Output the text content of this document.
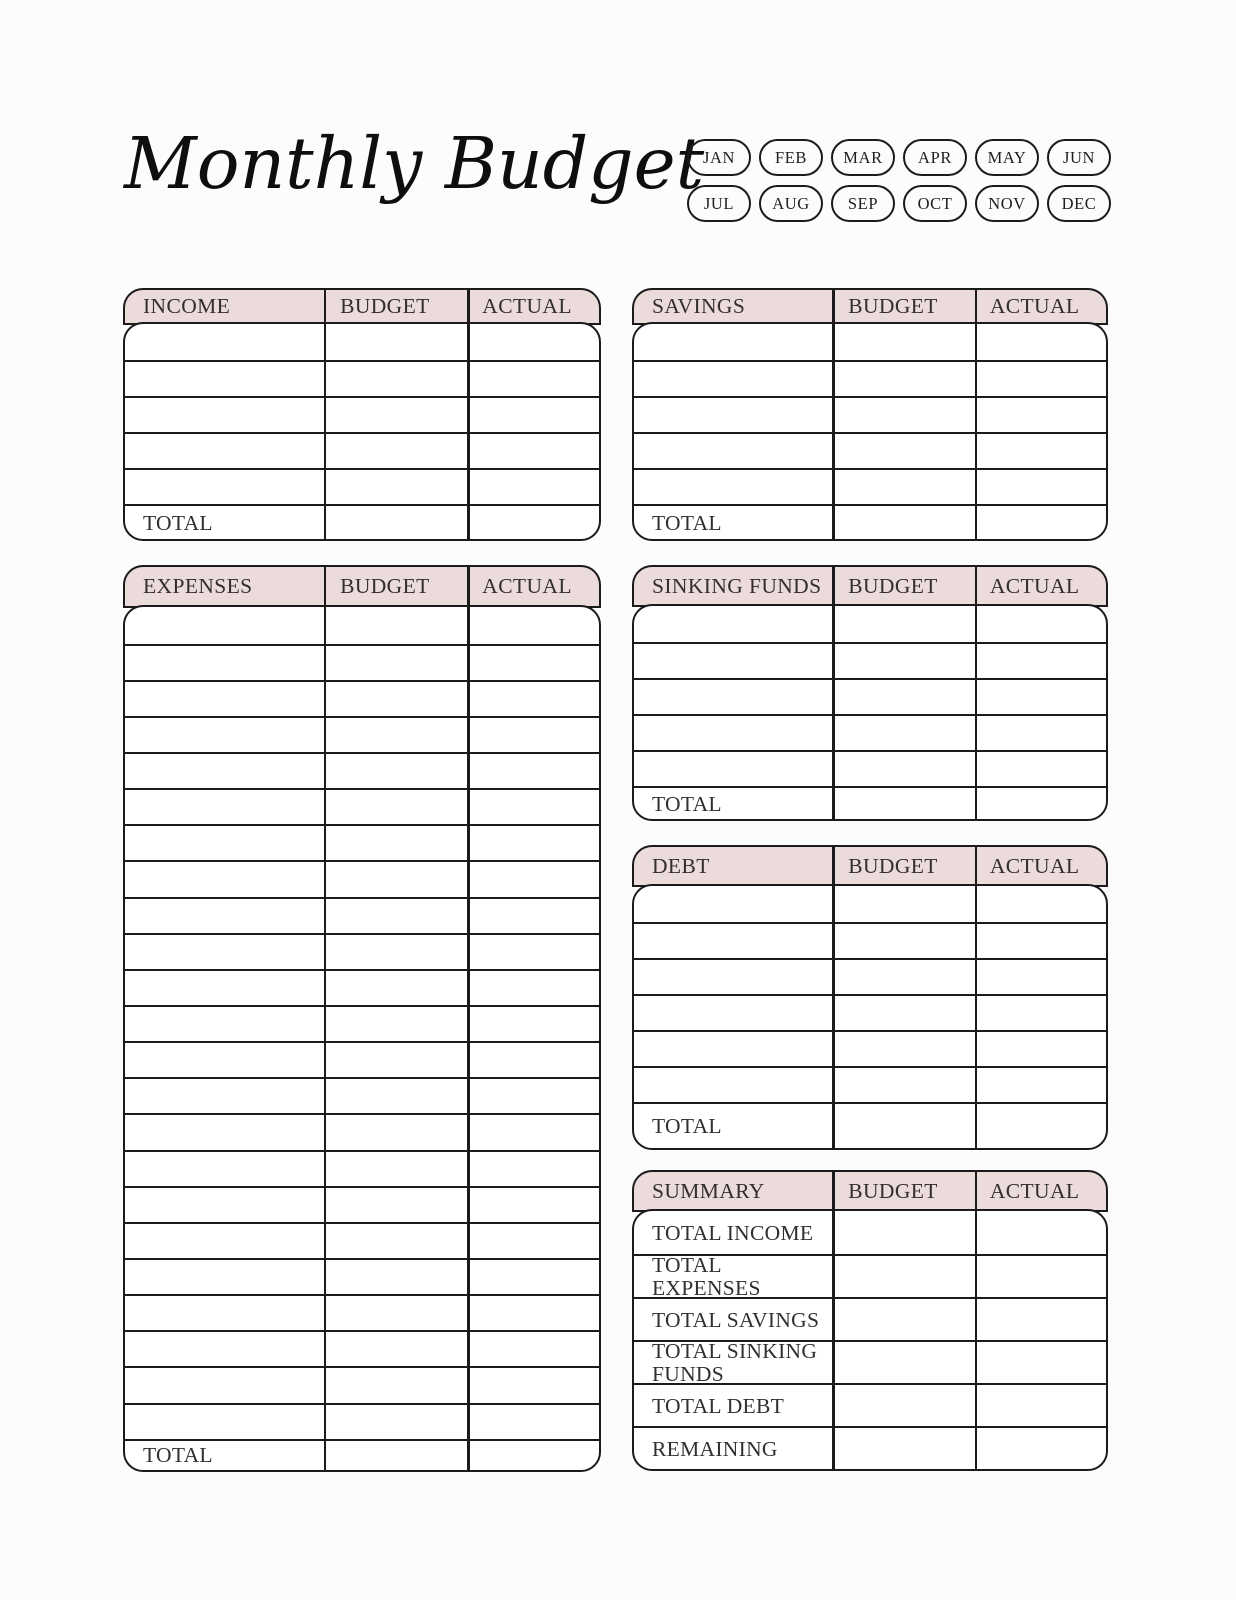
Monthly Budget
JAN	FEB	MAR	APR	MAY	JUN
JUL	AUG	SEP	OCT	NOV	DEC
INCOME	BUDGET	ACTUAL
TOTAL
EXPENSES	BUDGET	ACTUAL
TOTAL
SAVINGS	BUDGET	ACTUAL
TOTAL
SINKING FUNDS	BUDGET	ACTUAL
TOTAL
DEBT	BUDGET	ACTUAL
TOTAL
SUMMARY	BUDGET	ACTUAL
TOTAL INCOME
TOTAL EXPENSES
TOTAL SAVINGS
TOTAL SINKING FUNDS
TOTAL DEBT
REMAINING
